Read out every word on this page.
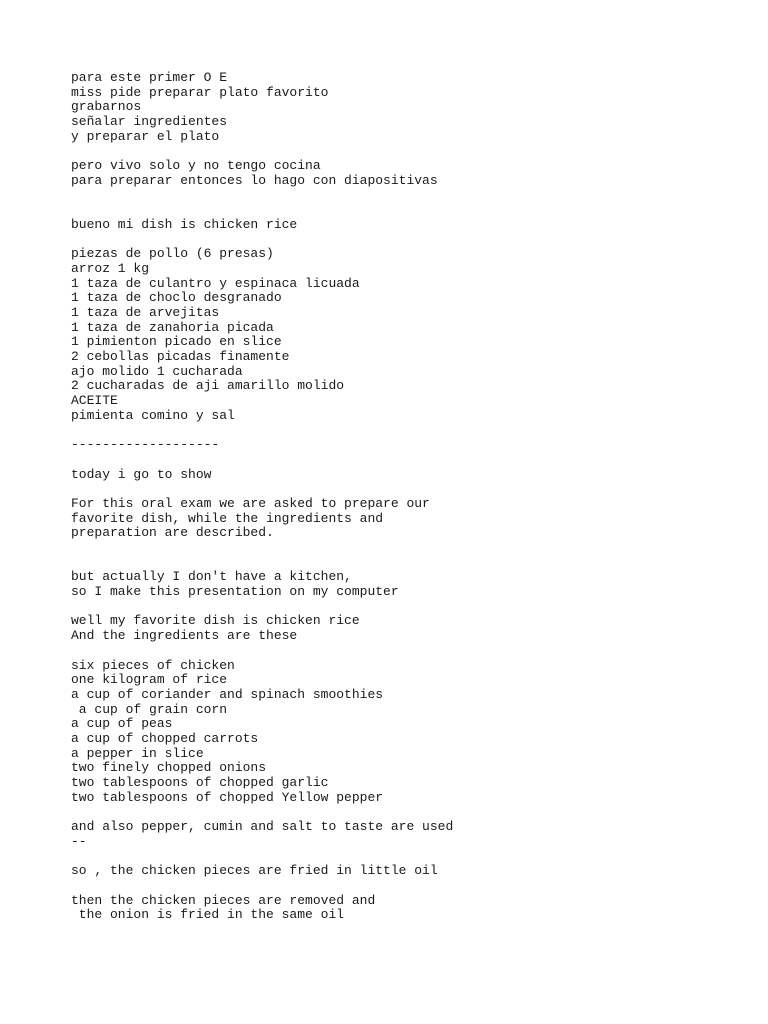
para este primer O E
miss pide preparar plato favorito
grabarnos
señalar ingredientes
y preparar el plato
pero vivo solo y no tengo cocina
para preparar entonces lo hago con diapositivas
bueno mi dish is chicken rice
piezas de pollo (6 presas)
arroz 1 kg
1 taza de culantro y espinaca licuada
1 taza de choclo desgranado
1 taza de arvejitas
1 taza de zanahoria picada
1 pimienton picado en slice
2 cebollas picadas finamente
ajo molido 1 cucharada
2 cucharadas de aji amarillo molido
ACEITE
pimienta comino y sal
-------------------
today i go to show
For this oral exam we are asked to prepare our
favorite dish, while the ingredients and
preparation are described.
but actually I don't have a kitchen,
so I make this presentation on my computer
well my favorite dish is chicken rice
And the ingredients are these
six pieces of chicken
one kilogram of rice
a cup of coriander and spinach smoothies
a cup of grain corn
a cup of peas
a cup of chopped carrots
a pepper in slice
two finely chopped onions
two tablespoons of chopped garlic
two tablespoons of chopped Yellow pepper
and also pepper, cumin and salt to taste are used
--
so , the chicken pieces are fried in little oil
then the chicken pieces are removed and
the onion is fried in the same oil
